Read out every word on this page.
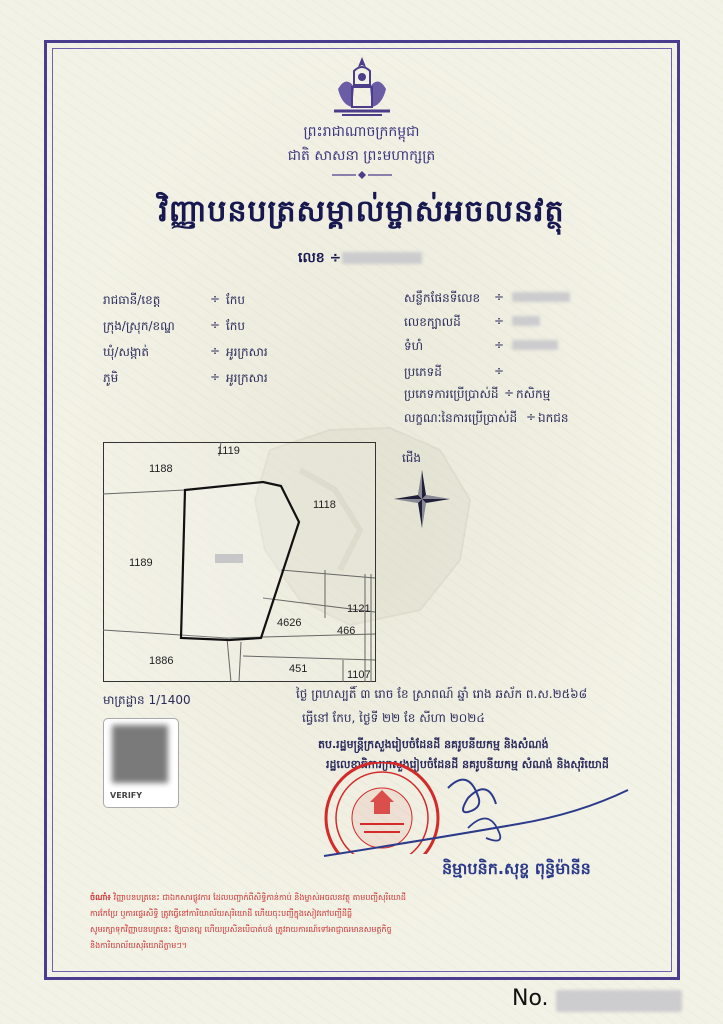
ព្រះរាជាណាចក្រកម្ពុជា
ជាតិ សាសនា ព្រះមហាក្សត្រ
វិញ្ញាបនបត្រសម្គាល់ម្ចាស់អចលនវត្ថុ
លេខ ÷
រាជធានី/ខេត្ត	÷ កែប
ក្រុង/ស្រុក/ខណ្ឌ	÷ កែប
ឃុំ/សង្កាត់	÷ អូរក្រសារ
ភូមិ	÷ អូរក្រសារ
សន្លឹកផែនទីលេខ ÷
លេខក្បាលដី	÷
ទំហំ	÷
ប្រភេទដី	÷
ប្រភេទការប្រើប្រាស់ដី ÷ កសិកម្ម
លក្ខណៈនៃការប្រើប្រាស់ដី ÷ ឯកជន
1119
1188
1118
1189
4626
1121
466
1886
451	1107
ជើង
មាត្រដ្ឋាន 1/1400	ថ្ងៃ ព្រហស្បតិ៍ ៣ រោច ខែ ស្រាពណ៍ ឆ្នាំ រោង ឆស័ក ព.ស.២៥៦៨
ធ្វើនៅ កែប, ថ្ងៃទី ២២ ខែ សីហា ២០២៤
VERIFY
តប.រដ្ឋមន្ត្រីក្រសួងរៀបចំដែនដី នគរូបនីយកម្ម និងសំណង់
រដ្ឋលេខាធិការក្រសួងរៀបចំដែនដី នគរូបនីយកម្ម សំណង់ និងសុរិយោដី
និម្មាបនិក.សុខ្ហ ពុន្ធិម៉ានីន
ចំណាំ៖ វិញ្ញាបនបត្រនេះ ជាឯកសារផ្លូវការ ដែលបញ្ជាក់ពីសិទ្ធិកាន់កាប់ និងម្ចាស់អចលនវត្ថុ តាមបញ្ជីសុរិយោដី
ការកែប្រែ ឬការផ្ទេរសិទ្ធិ ត្រូវធ្វើនៅការិយាល័យសុរិយោដី ហើយចុះបញ្ជីក្នុងសៀវភៅបញ្ជីដីធ្លី
សូមរក្សាទុកវិញ្ញាបនបត្រនេះ ឱ្យបានល្អ ហើយប្រសិនបើបាត់បង់ ត្រូវរាយការណ៍ទៅអាជ្ញាធរមានសមត្ថកិច្ច
និងការិយាល័យសុរិយោដីភ្លាមៗ។
No.
